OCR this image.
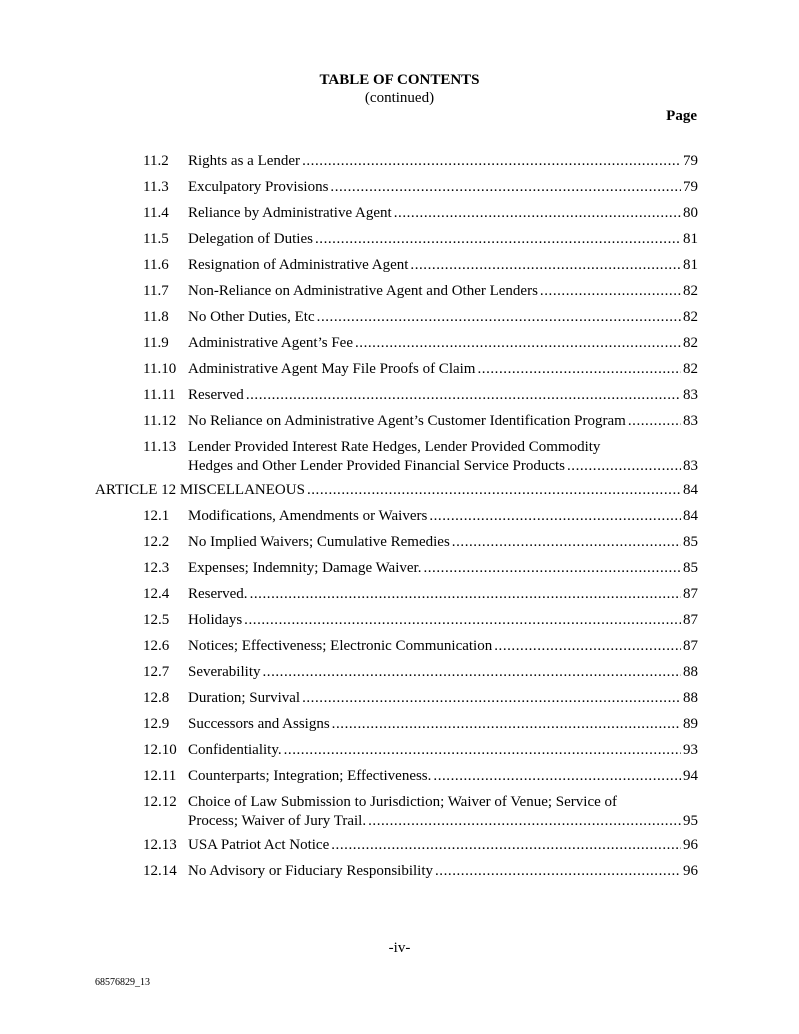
TABLE OF CONTENTS
(continued)
Page
11.2 Rights as a Lender . . .	79
11.3 Exculpatory Provisions . . .	79
11.4 Reliance by Administrative Agent . . .	80
11.5 Delegation of Duties . . .	81
11.6 Resignation of Administrative Agent . . .	81
11.7 Non-Reliance on Administrative Agent and Other Lenders . . .	82
11.8 No Other Duties, Etc . . .	82
11.9 Administrative Agent’s Fee . . .	82
11.10 Administrative Agent May File Proofs of Claim . . .	82
11.11 Reserved . . .	83
11.12 No Reliance on Administrative Agent’s Customer Identification Program . . .	83
11.13 Lender Provided Interest Rate Hedges, Lender Provided Commodity
Hedges and Other Lender Provided Financial Service Products . . .	83
ARTICLE 12 MISCELLANEOUS . . .	84
12.1 Modifications, Amendments or Waivers . . .	84
12.2 No Implied Waivers; Cumulative Remedies . . .	85
12.3 Expenses; Indemnity; Damage Waiver. . . .	85
12.4 Reserved. . . .	87
12.5 Holidays . . .	87
12.6 Notices; Effectiveness; Electronic Communication . . .	87
12.7 Severability . . .	88
12.8 Duration; Survival . . .	88
12.9 Successors and Assigns . . .	89
12.10 Confidentiality. . . .	93
12.11 Counterparts; Integration; Effectiveness. . . .	94
12.12 Choice of Law Submission to Jurisdiction; Waiver of Venue; Service of
Process; Waiver of Jury Trail. . . .	95
12.13 USA Patriot Act Notice . . .	96
12.14 No Advisory or Fiduciary Responsibility . . .	96
-iv-
68576829_13
